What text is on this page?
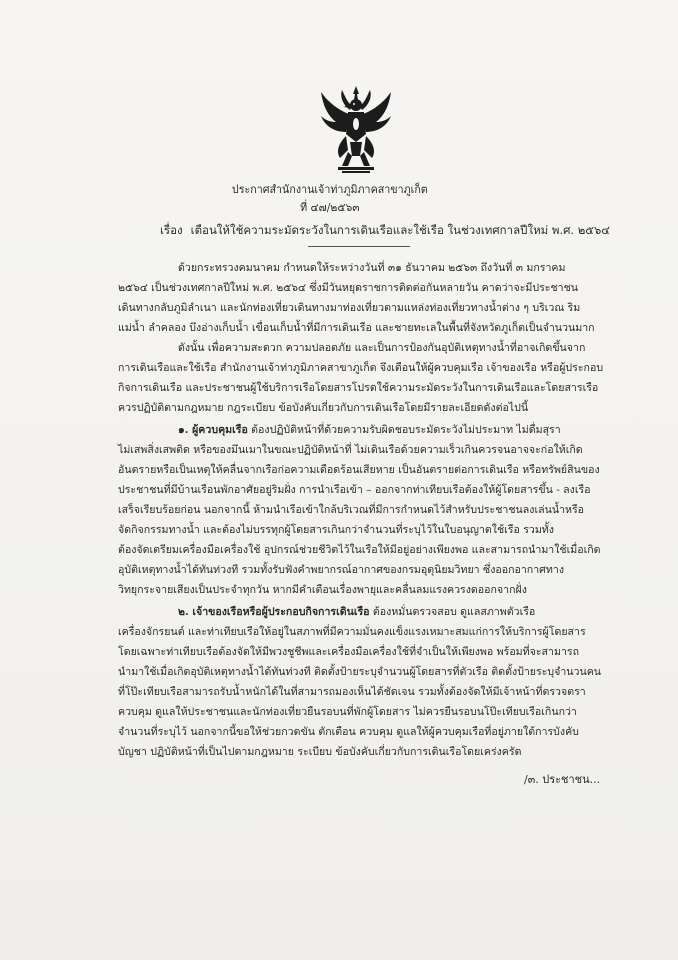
ประกาศสำนักงานเจ้าท่าภูมิภาคสาขาภูเก็ต
ที่ ๔๗/๒๕๖๓
เรื่อง เตือนให้ใช้ความระมัดระวังในการเดินเรือและใช้เรือ ในช่วงเทศกาลปีใหม่ พ.ศ. ๒๕๖๔
ด้วยกระทรวงคมนาคม กำหนดให้ระหว่างวันที่ ๓๑ ธันวาคม ๒๕๖๓ ถึงวันที่ ๓ มกราคม
๒๕๖๔ เป็นช่วงเทศกาลปีใหม่ พ.ศ. ๒๕๖๔ ซึ่งมีวันหยุดราชการติดต่อกันหลายวัน คาดว่าจะมีประชาชน
เดินทางกลับภูมิลำเนา และนักท่องเที่ยวเดินทางมาท่องเที่ยวตามแหล่งท่องเที่ยวทางน้ำต่าง ๆ บริเวณ ริม
แม่น้ำ ลำคลอง บึงอ่างเก็บน้ำ เขื่อนเก็บน้ำที่มีการเดินเรือ และชายทะเลในพื้นที่จังหวัดภูเก็ตเป็นจำนวนมาก
ดังนั้น เพื่อความสะดวก ความปลอดภัย และเป็นการป้องกันอุบัติเหตุทางน้ำที่อาจเกิดขึ้นจาก
การเดินเรือและใช้เรือ สำนักงานเจ้าท่าภูมิภาคสาขาภูเก็ต จึงเตือนให้ผู้ควบคุมเรือ เจ้าของเรือ หรือผู้ประกอบ
กิจการเดินเรือ และประชาชนผู้ใช้บริการเรือโดยสารโปรดใช้ความระมัดระวังในการเดินเรือและโดยสารเรือ
ควรปฏิบัติตามกฎหมาย กฎระเบียบ ข้อบังคับเกี่ยวกับการเดินเรือโดยมีรายละเอียดดังต่อไปนี้
๑. ผู้ควบคุมเรือ ต้องปฏิบัติหน้าที่ด้วยความรับผิดชอบระมัดระวังไม่ประมาท ไม่ดื่มสุรา
ไม่เสพสิ่งเสพติด หรือของมึนเมาในขณะปฏิบัติหน้าที่ ไม่เดินเรือด้วยความเร็วเกินควรจนอาจจะก่อให้เกิด
อันตรายหรือเป็นเหตุให้คลื่นจากเรือก่อความเดือดร้อนเสียหาย เป็นอันตรายต่อการเดินเรือ หรือทรัพย์สินของ
ประชาชนที่มีบ้านเรือนพักอาศัยอยู่ริมฝั่ง การนำเรือเข้า – ออกจากท่าเทียบเรือต้องให้ผู้โดยสารขึ้น - ลงเรือ
เสร็จเรียบร้อยก่อน นอกจากนี้ ห้ามนำเรือเข้าใกล้บริเวณที่มีการกำหนดไว้สำหรับประชาชนลงเล่นน้ำหรือ
จัดกิจกรรมทางน้ำ และต้องไม่บรรทุกผู้โดยสารเกินกว่าจำนวนที่ระบุไว้ในใบอนุญาตใช้เรือ รวมทั้ง
ต้องจัดเตรียมเครื่องมือเครื่องใช้ อุปกรณ์ช่วยชีวิตไว้ในเรือให้มีอยู่อย่างเพียงพอ และสามารถนำมาใช้เมื่อเกิด
อุบัติเหตุทางน้ำได้ทันท่วงที รวมทั้งรับฟังคำพยากรณ์อากาศของกรมอุตุนิยมวิทยา ซึ่งออกอากาศทาง
วิทยุกระจายเสียงเป็นประจำทุกวัน หากมีคำเตือนเรื่องพายุและคลื่นลมแรงควรงดออกจากฝั่ง
๒. เจ้าของเรือหรือผู้ประกอบกิจการเดินเรือ ต้องหมั่นตรวจสอบ ดูแลสภาพตัวเรือ
เครื่องจักรยนต์ และท่าเทียบเรือให้อยู่ในสภาพที่มีความมั่นคงแข็งแรงเหมาะสมแก่การให้บริการผู้โดยสาร
โดยเฉพาะท่าเทียบเรือต้องจัดให้มีพวงชูชีพและเครื่องมือเครื่องใช้ที่จำเป็นให้เพียงพอ พร้อมที่จะสามารถ
นำมาใช้เมื่อเกิดอุบัติเหตุทางน้ำได้ทันท่วงที ติดตั้งป้ายระบุจำนวนผู้โดยสารที่ตัวเรือ ติดตั้งป้ายระบุจำนวนคน
ที่โป๊ะเทียบเรือสามารถรับน้ำหนักได้ในที่สามารถมองเห็นได้ชัดเจน รวมทั้งต้องจัดให้มีเจ้าหน้าที่ตรวจตรา
ควบคุม ดูแลให้ประชาชนและนักท่องเที่ยวยืนรอบนที่พักผู้โดยสาร ไม่ควรยืนรอบนโป๊ะเทียบเรือเกินกว่า
จำนวนที่ระบุไว้ นอกจากนี้ขอให้ช่วยกวดขัน ตักเตือน ควบคุม ดูแลให้ผู้ควบคุมเรือที่อยู่ภายใต้การบังคับ
บัญชา ปฏิบัติหน้าที่เป็นไปตามกฎหมาย ระเบียบ ข้อบังคับเกี่ยวกับการเดินเรือโดยเคร่งครัด
/๓. ประชาชน...
